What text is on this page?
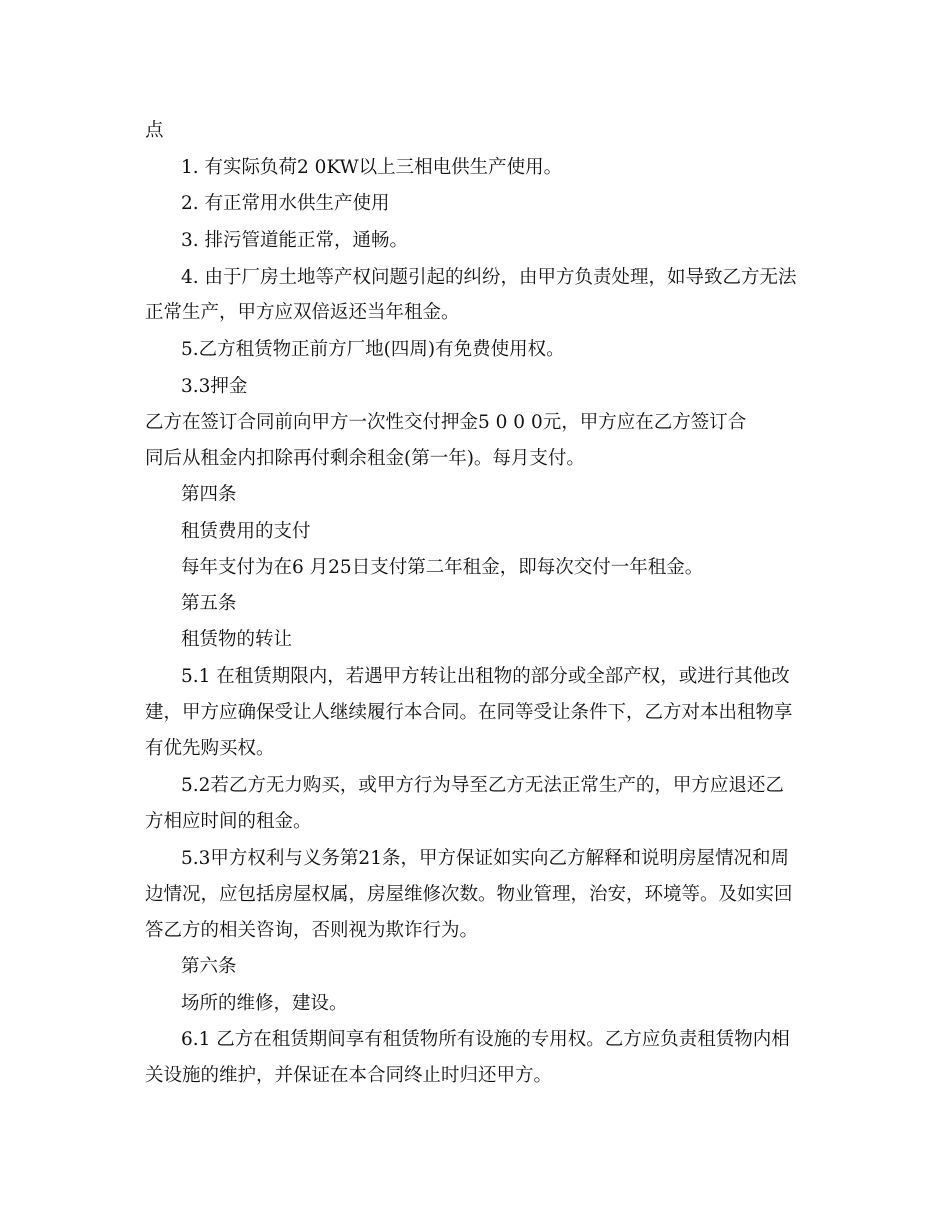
点
1. 有实际负荷2 0KW以上三相电供生产使用。
2. 有正常用水供生产使用
3. 排污管道能正常，通畅。
4. 由于厂房土地等产权问题引起的纠纷，由甲方负责处理，如导致乙方无法
正常生产，甲方应双倍返还当年租金。
5.乙方租赁物正前方厂地(四周)有免费使用权。
3.3押金
乙方在签订合同前向甲方一次性交付押金5 0 0 0元，甲方应在乙方签订合
同后从租金内扣除再付剩余租金(第一年)。每月支付。
第四条
租赁费用的支付
每年支付为在6 月25日支付第二年租金，即每次交付一年租金。
第五条
租赁物的转让
5.1 在租赁期限内，若遇甲方转让出租物的部分或全部产权，或进行其他改
建，甲方应确保受让人继续履行本合同。在同等受让条件下，乙方对本出租物享
有优先购买权。
5.2若乙方无力购买，或甲方行为导至乙方无法正常生产的，甲方应退还乙
方相应时间的租金。
5.3甲方权利与义务第21条，甲方保证如实向乙方解释和说明房屋情况和周
边情况，应包括房屋权属，房屋维修次数。物业管理，治安，环境等。及如实回
答乙方的相关咨询，否则视为欺诈行为。
第六条
场所的维修，建设。
6.1 乙方在租赁期间享有租赁物所有设施的专用权。乙方应负责租赁物内相
关设施的维护，并保证在本合同终止时归还甲方。
